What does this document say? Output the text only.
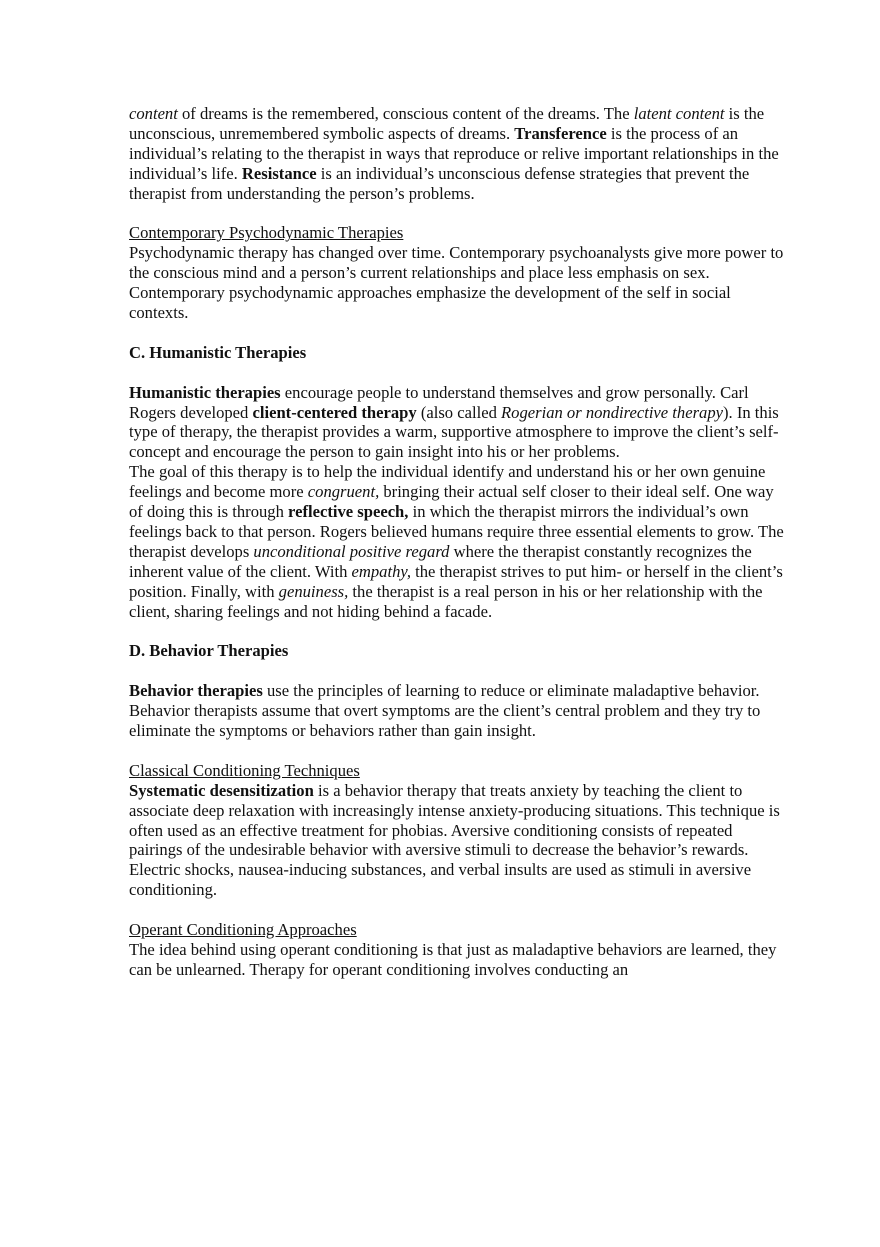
content of dreams is the remembered, conscious content of the dreams. The latent content is the unconscious, unremembered symbolic aspects of dreams. Transference is the process of an individual’s relating to the therapist in ways that reproduce or relive important relationships in the individual’s life. Resistance is an individual’s unconscious defense strategies that prevent the therapist from understanding the person’s problems.

Contemporary Psychodynamic Therapies

Psychodynamic therapy has changed over time. Contemporary psychoanalysts give more power to the conscious mind and a person’s current relationships and place less emphasis on sex. Contemporary psychodynamic approaches emphasize the development of the self in social contexts.

C. Humanistic Therapies

Humanistic therapies encourage people to understand themselves and grow personally. Carl Rogers developed client-centered therapy (also called Rogerian or nondirective therapy). In this type of therapy, the therapist provides a warm, supportive atmosphere to improve the client’s self-concept and encourage the person to gain insight into his or her problems.

The goal of this therapy is to help the individual identify and understand his or her own genuine feelings and become more congruent, bringing their actual self closer to their ideal self. One way of doing this is through reflective speech, in which the therapist mirrors the individual’s own feelings back to that person. Rogers believed humans require three essential elements to grow. The therapist develops unconditional positive regard where the therapist constantly recognizes the inherent value of the client. With empathy, the therapist strives to put him- or herself in the client’s position. Finally, with genuiness, the therapist is a real person in his or her relationship with the client, sharing feelings and not hiding behind a facade.

D. Behavior Therapies

Behavior therapies use the principles of learning to reduce or eliminate maladaptive behavior. Behavior therapists assume that overt symptoms are the client’s central problem and they try to eliminate the symptoms or behaviors rather than gain insight.

Classical Conditioning Techniques

Systematic desensitization is a behavior therapy that treats anxiety by teaching the client to associate deep relaxation with increasingly intense anxiety-producing situations. This technique is often used as an effective treatment for phobias. Aversive conditioning consists of repeated pairings of the undesirable behavior with aversive stimuli to decrease the behavior’s rewards. Electric shocks, nausea-inducing substances, and verbal insults are used as stimuli in aversive conditioning.

Operant Conditioning Approaches

The idea behind using operant conditioning is that just as maladaptive behaviors are learned, they can be unlearned. Therapy for operant conditioning involves conducting an
